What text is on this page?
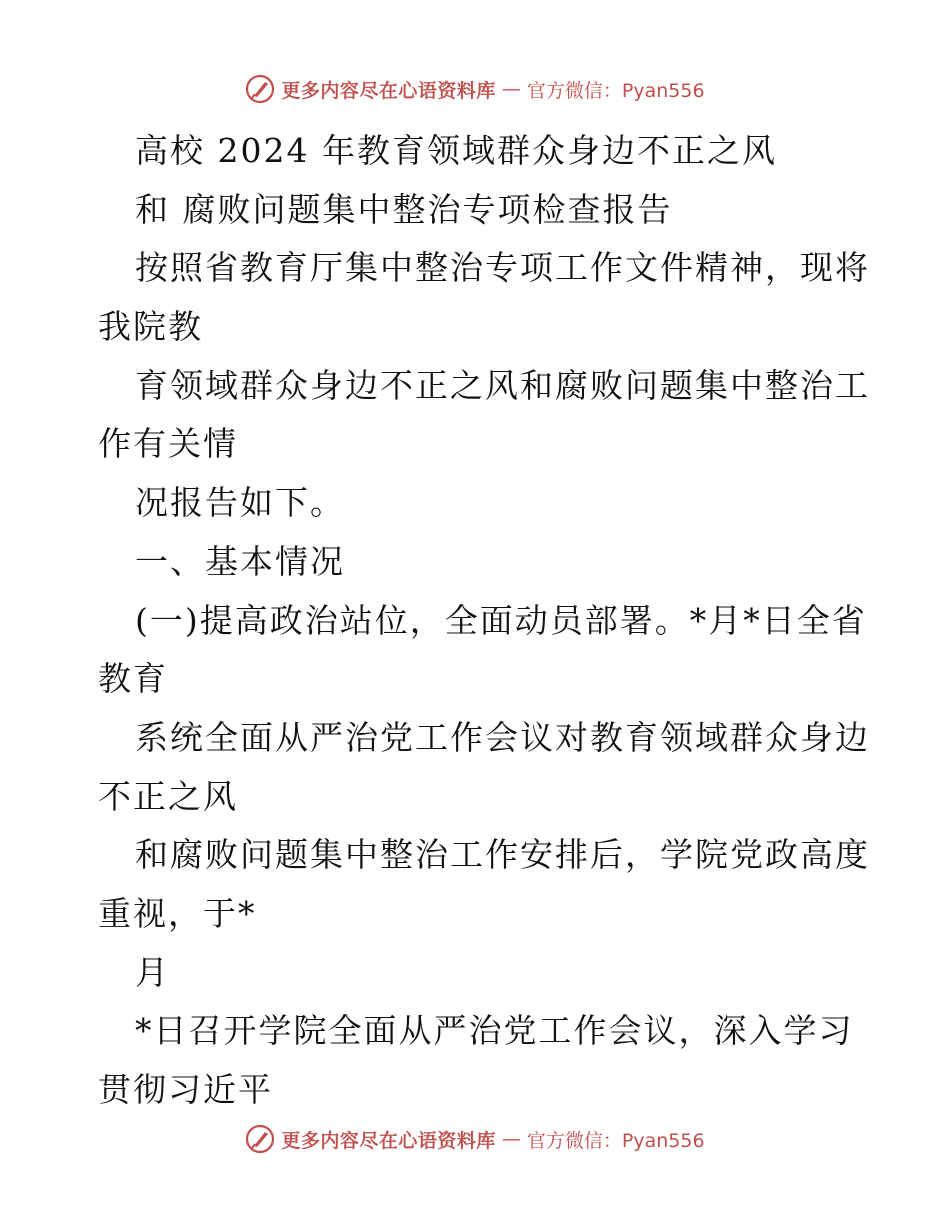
更多内容尽在心语资料库 — 官方微信：Pyan556
高校 2024 年教育领域群众身边不正之风
和 腐败问题集中整治专项检查报告
按照省教育厅集中整治专项工作文件精神，现将
我院教
育领域群众身边不正之风和腐败问题集中整治工
作有关情
况报告如下。
一、基本情况
(一)提高政治站位，全面动员部署。*月*日全省
教育
系统全面从严治党工作会议对教育领域群众身边
不正之风
和腐败问题集中整治工作安排后，学院党政高度
重视，于*
月
*日召开学院全面从严治党工作会议，深入学习
贯彻习近平
更多内容尽在心语资料库 — 官方微信：Pyan556
